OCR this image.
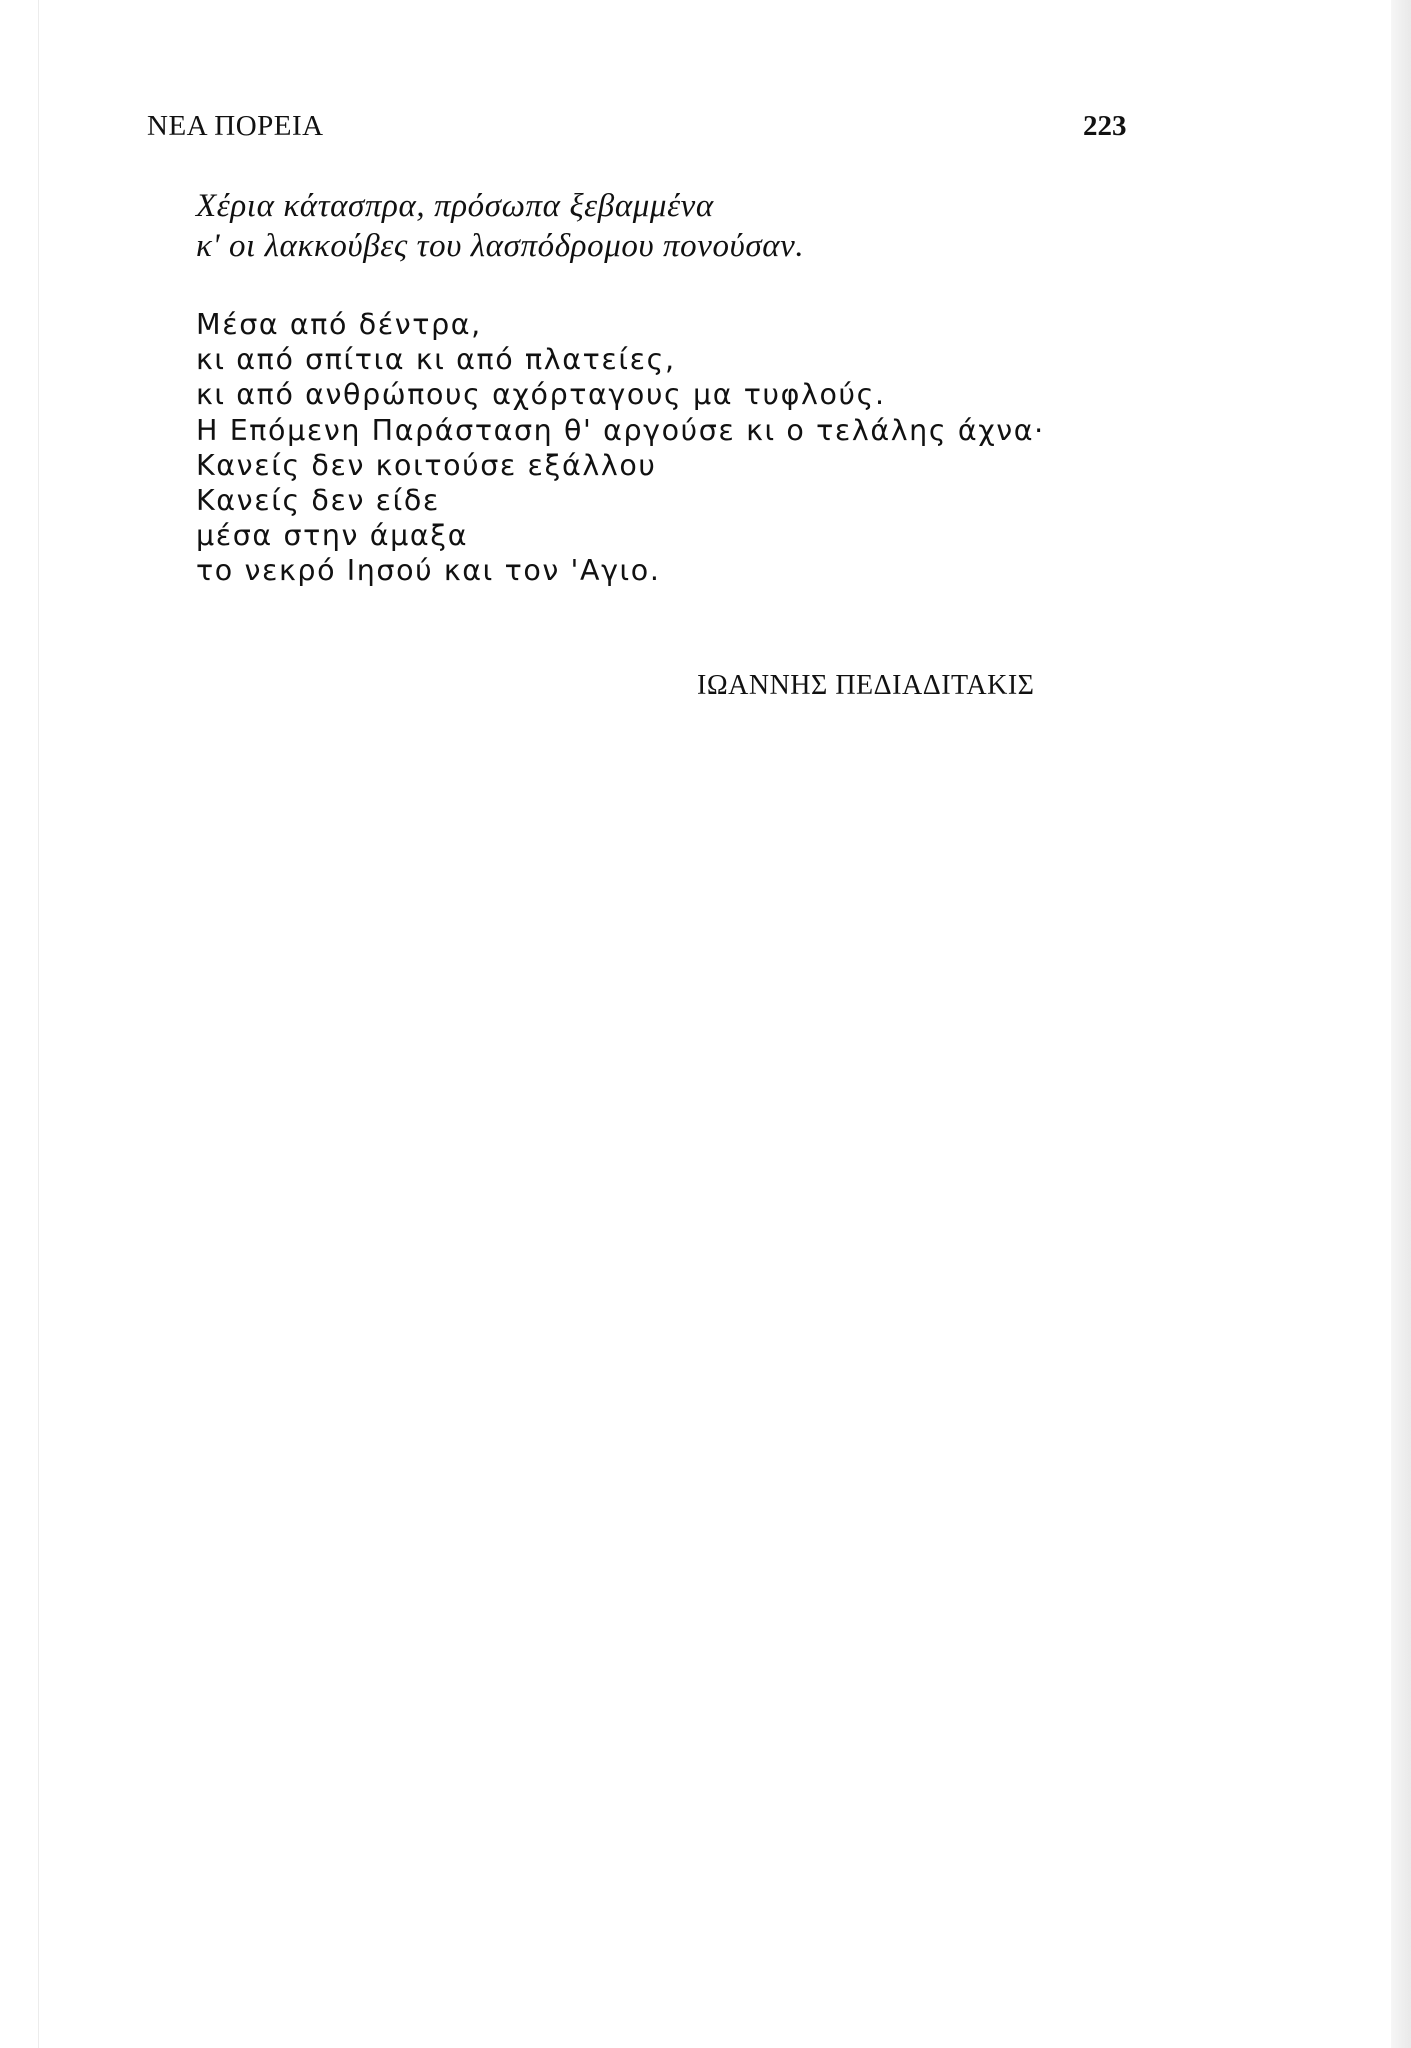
ΝΕΑ ΠΟΡΕΙΑ	223
Χέρια κάτασπρα, πρόσωπα ξεβαμμένα
κ' οι λακκούβες του λασπόδρομου πονούσαν.
Μέσα από δέντρα,
κι από σπίτια κι από πλατείες,
κι από ανθρώπους αχόρταγους μα τυφλούς.
Η Επόμενη Παράσταση θ' αργούσε κι ο τελάλης άχνα·
Κανείς δεν κοιτούσε εξάλλου
Κανείς δεν είδε
μέσα στην άμαξα
το νεκρό Ιησού και τον 'Αγιο.
ΙΩΑΝΝΗΣ ΠΕΔΙΑΔΙΤΑΚΙΣ
